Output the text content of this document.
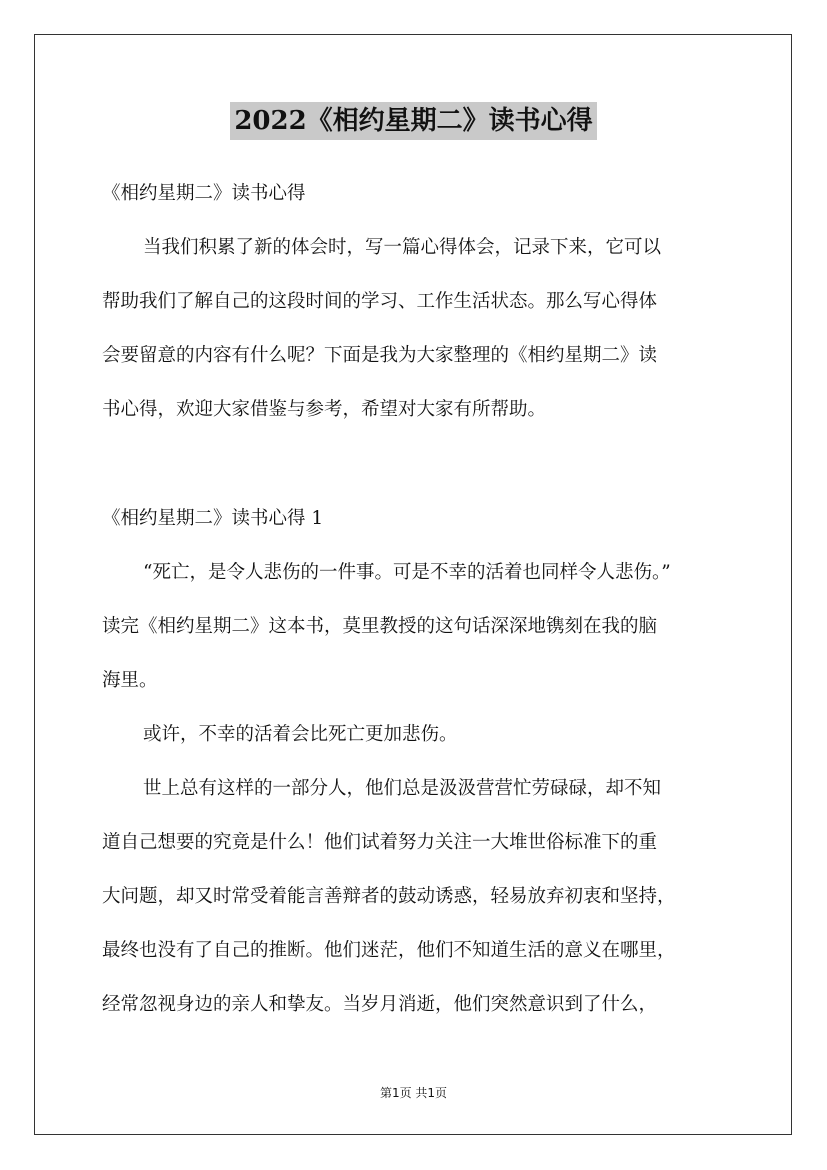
2022《相约星期二》读书心得
《相约星期二》读书心得
当我们积累了新的体会时，写一篇心得体会，记录下来，它可以
帮助我们了解自己的这段时间的学习、工作生活状态。那么写心得体
会要留意的内容有什么呢？下面是我为大家整理的《相约星期二》读
书心得，欢迎大家借鉴与参考，希望对大家有所帮助。
《相约星期二》读书心得 1
“死亡，是令人悲伤的一件事。可是不幸的活着也同样令人悲伤。”
读完《相约星期二》这本书，莫里教授的这句话深深地镌刻在我的脑
海里。
或许，不幸的活着会比死亡更加悲伤。
世上总有这样的一部分人，他们总是汲汲营营忙劳碌碌，却不知
道自己想要的究竟是什么！他们试着努力关注一大堆世俗标准下的重
大问题，却又时常受着能言善辩者的鼓动诱惑，轻易放弃初衷和坚持，
最终也没有了自己的推断。他们迷茫，他们不知道生活的意义在哪里，
经常忽视身边的亲人和挚友。当岁月消逝，他们突然意识到了什么，
第1页 共1页
